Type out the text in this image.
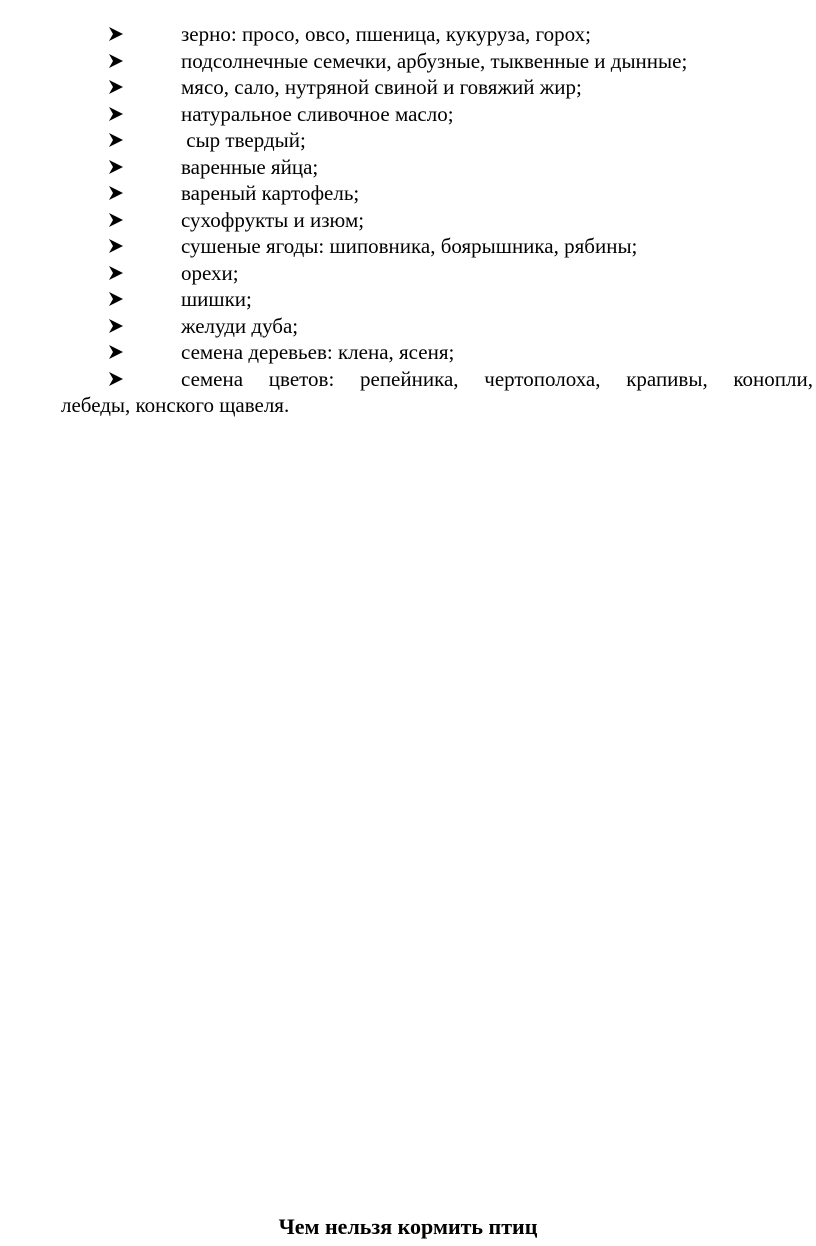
зерно: просо, овсо, пшеница, кукуруза, горох;
подсолнечные семечки, арбузные, тыквенные и дынные;
мясо, сало, нутряной свиной и говяжий жир;
натуральное сливочное масло;
сыр твердый;
варенные яйца;
вареный картофель;
сухофрукты и изюм;
сушеные ягоды: шиповника, боярышника, рябины;
орехи;
шишки;
желуди дуба;
семена деревьев: клена, ясеня;
семена цветов: репейника, чертополоха, крапивы, конопли,
лебеды, конского щавеля.
Чем нельзя кормить птиц
